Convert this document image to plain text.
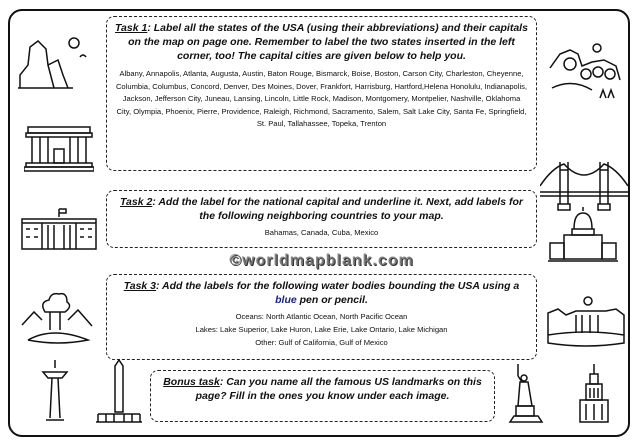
Task 1: Label all the states of the USA (using their abbreviations) and their capitals on the map on page one. Remember to label the two states inserted in the left corner, too! The capital cities are given below to help you.
Albany, Annapolis, Atlanta, Augusta, Austin, Baton Rouge, Bismarck, Boise, Boston, Carson City, Charleston, Cheyenne, Columbia, Columbus, Concord, Denver, Des Moines, Dover, Frankfort, Harrisburg, Hartford,Helena Honolulu, Indianapolis, Jackson, Jefferson City, Juneau, Lansing, Lincoln, Little Rock, Madison, Montgomery, Montpelier, Nashville, Oklahoma City, Olympia, Phoenix, Pierre, Providence, Raleigh, Richmond, Sacramento, Salem, Salt Lake City, Santa Fe, Springfield, St. Paul, Tallahassee, Topeka, Trenton
Task 2: Add the label for the national capital and underline it. Next, add labels for the following neighboring countries to your map.
Bahamas, Canada, Cuba, Mexico
©worldmapblank.com
Task 3: Add the labels for the following water bodies bounding the USA using a blue pen or pencil.
Oceans: North Atlantic Ocean, North Pacific Ocean
Lakes: Lake Superior, Lake Huron, Lake Erie, Lake Ontario, Lake Michigan
Other: Gulf of California, Gulf of Mexico
Bonus task: Can you name all the famous US landmarks on this page? Fill in the ones you know under each image.
